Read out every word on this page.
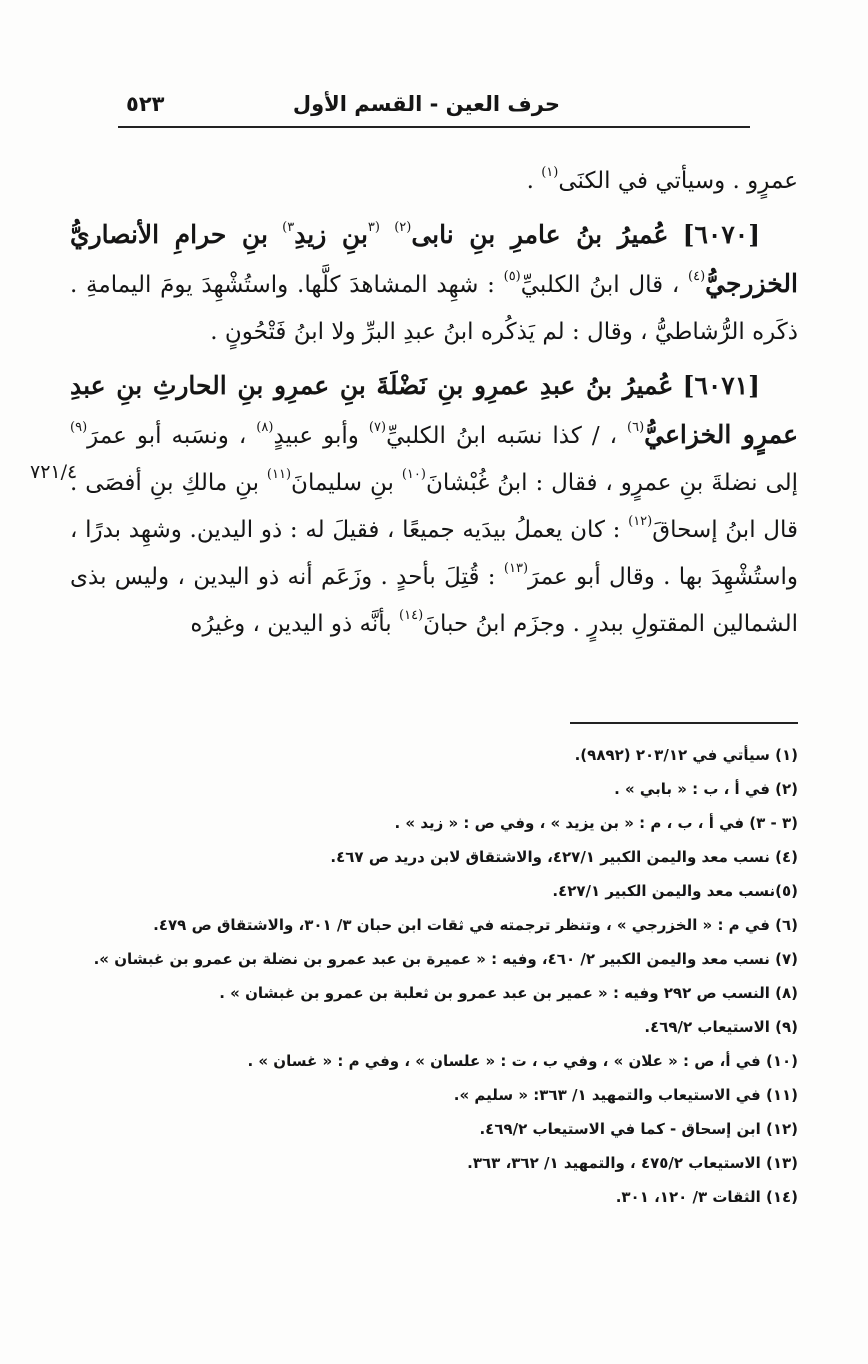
حرف العين - القسم الأول
٥٢٣
٧٢١/٤

عمرٍو . وسيأتي في الكنَى$^{(١)}$ .

[٦٠٧٠] عُميرُ بنُ عامرِ بنِ نابى$^{(٢)}$ $^{(٣}$بنِ زيدِ$^{٣)}$ بنِ حرامِ الأنصاريُّ الخزرجيُّ$^{(٤)}$ ، قال ابنُ الكلبيِّ$^{(٥)}$ : شهِد المشاهدَ كلَّها. واستُشْهِدَ يومَ اليمامةِ . ذكَره الرُّشاطيُّ ، وقال : لم يَذكُره ابنُ عبدِ البرِّ ولا ابنُ فَتْحُونٍ .

[٦٠٧١] عُميرُ بنُ عبدِ عمرِو بنِ نَضْلَةَ بنِ عمرِو بنِ الحارثِ بنِ عبدِ عمرٍو الخزاعيُّ$^{(٦)}$ ، / كذا نسَبه ابنُ الكلبيِّ$^{(٧)}$ وأبو عبيدٍ$^{(٨)}$ ، ونسَبه أبو عمرَ$^{(٩)}$ إلى نضلةَ بنِ عمرٍو ، فقال : ابنُ غُبْشانَ$^{(١٠)}$ بنِ سليمانَ$^{(١١)}$ بنِ مالكِ بنِ أفصَى . قال ابنُ إسحاقَ$^{(١٢)}$ : كان يعملُ بيدَيه جميعًا ، فقيلَ له : ذو اليدين. وشهِد بدرًا ، واستُشْهِدَ بها . وقال أبو عمرَ$^{(١٣)}$ : قُتِلَ بأحدٍ . وزَعَم أنه ذو اليدين ، وليس بذى الشمالين المقتولِ ببدرٍ . وجزَم ابنُ حبانَ$^{(١٤)}$ بأنَّه ذو اليدين ، وغيرُه

(١) سيأتي في ٢٠٣/١٢ (٩٨٩٢).
(٢) في أ ، ب : « بابي » .
(٣ - ٣) في أ ، ب ، م : « بن يزيد » ، وفي ص : « زيد » .
(٤) نسب معد واليمن الكبير ٤٢٧/١، والاشتقاق لابن دريد ص ٤٦٧.
(٥)نسب معد واليمن الكبير ٤٢٧/١.
(٦) في م : « الخزرجي » ، وتنظر ترجمته في ثقات ابن حبان ٣/ ٣٠١، والاشتقاق ص ٤٧٩.
(٧) نسب معد واليمن الكبير ٢/ ٤٦٠، وفيه : « عميرة بن عبد عمرو بن نضلة بن عمرو بن غبشان ».
(٨) النسب ص ٢٩٢ وفيه : « عمير بن عبد عمرو بن ثعلبة بن عمرو بن غبشان » .
(٩) الاستيعاب ٤٦٩/٢.
(١٠) في أ، ص : « علان » ، وفي ب ، ت : « علسان » ، وفي م : « غسان » .
(١١) في الاستيعاب والتمهيد ١/ ٣٦٣: « سليم ».
(١٢) ابن إسحاق - كما في الاستيعاب ٤٦٩/٢.
(١٣) الاستيعاب ٤٧٥/٢ ، والتمهيد ١/ ٣٦٢، ٣٦٣.
(١٤) الثقات ٣/ ١٢٠، ٣٠١.
